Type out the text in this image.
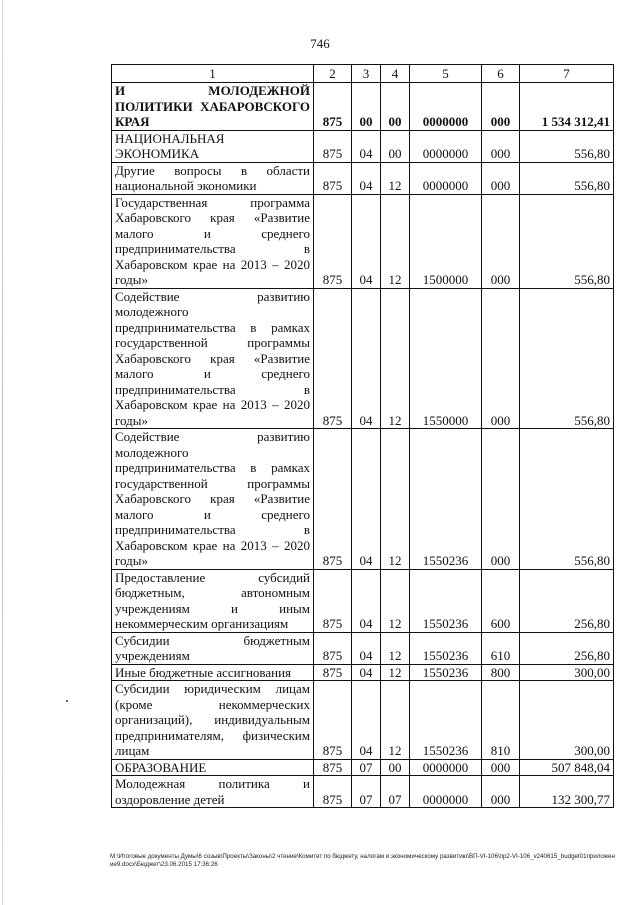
746
1	2	3	4	5	6	7
И МОЛОДЕЖНОЙ ПОЛИТИКИ ХАБАРОВСКОГО КРАЯ	875	00	00	0000000	000	1 534 312,41
НАЦИОНАЛЬНАЯ ЭКОНОМИКА	875	04	00	0000000	000	556,80
Другие вопросы в области национальной экономики	875	04	12	0000000	000	556,80
Государственная программа Хабаровского края «Развитие малого и среднего предпринимательства в Хабаровском крае на 2013 – 2020 годы»	875	04	12	1500000	000	556,80
Содействие развитию молодежного предпринимательства в рамках государственной программы Хабаровского края «Развитие малого и среднего предпринимательства в Хабаровском крае на 2013 – 2020 годы»	875	04	12	1550000	000	556,80
Содействие развитию молодежного предпринимательства в рамках государственной программы Хабаровского края «Развитие малого и среднего предпринимательства в Хабаровском крае на 2013 – 2020 годы»	875	04	12	1550236	000	556,80
Предоставление субсидий бюджетным, автономным учреждениям и иным некоммерческим организациям	875	04	12	1550236	600	256,80
Субсидии бюджетным учреждениям	875	04	12	1550236	610	256,80
Иные бюджетные ассигнования	875	04	12	1550236	800	300,00
Субсидии юридическим лицам (кроме некоммерческих организаций), индивидуальным предпринимателям, физическим лицам	875	04	12	1550236	810	300,00
ОБРАЗОВАНИЕ	875	07	00	0000000	000	507 848,04
Молодежная политика и оздоровление детей	875	07	07	0000000	000	132 300,77
M:\Итоговые документы Думы\6 созыв\Проекты\Законы\2 чтение\Комитет по бюджету, налогам и экономическому развитию\ВП-VI-106\пр2-VI-106_v240615_budget01приложение9.docx\Бюджет\23.06.2015 17:36:26
